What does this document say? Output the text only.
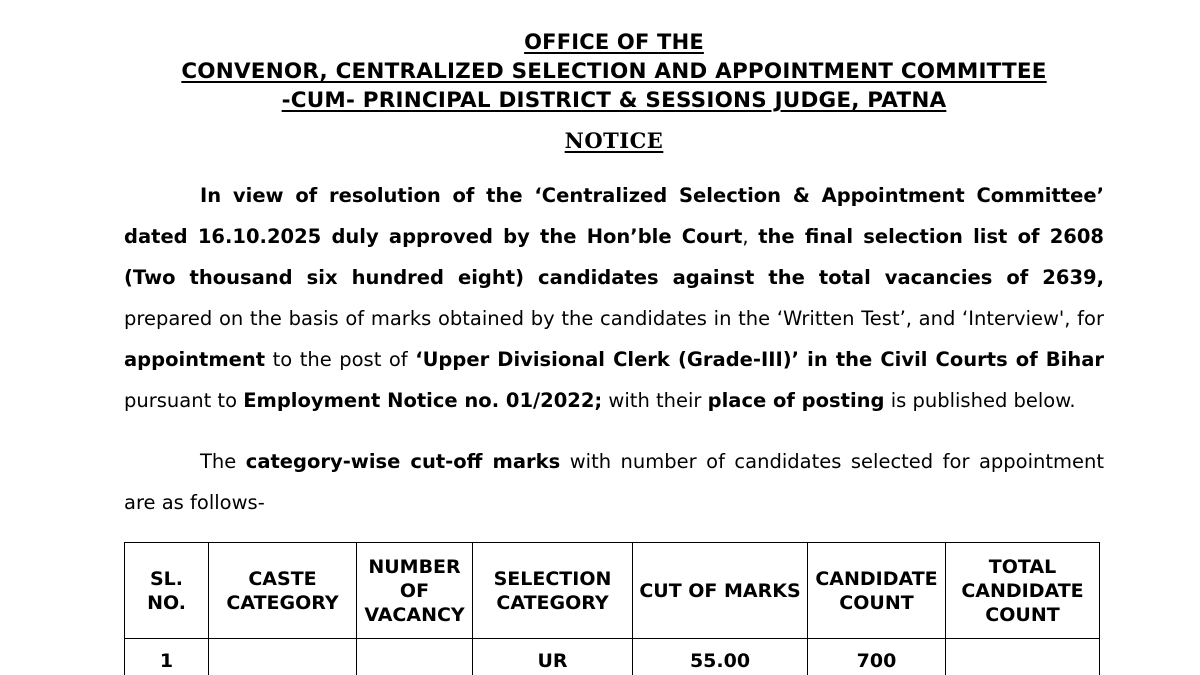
OFFICE OF THE
CONVENOR, CENTRALIZED SELECTION AND APPOINTMENT COMMITTEE
-CUM- PRINCIPAL DISTRICT & SESSIONS JUDGE, PATNA
NOTICE

In view of resolution of the ‘Centralized Selection & Appointment Committee’ dated 16.10.2025 duly approved by the Hon’ble Court, the final selection list of 2608 (Two thousand six hundred eight) candidates against the total vacancies of 2639, prepared on the basis of marks obtained by the candidates in the ‘Written Test’, and ‘Interview', for appointment to the post of ‘Upper Divisional Clerk (Grade-III)’ in the Civil Courts of Bihar pursuant to Employment Notice no. 01/2022; with their place of posting is published below.

The category-wise cut-off marks with number of candidates selected for appointment are as follows-

SL. NO.	CASTE CATEGORY	NUMBER OF VACANCY	SELECTION CATEGORY	CUT OF MARKS	CANDIDATE COUNT	TOTAL CANDIDATE COUNT
1			UR	55.00	700	
